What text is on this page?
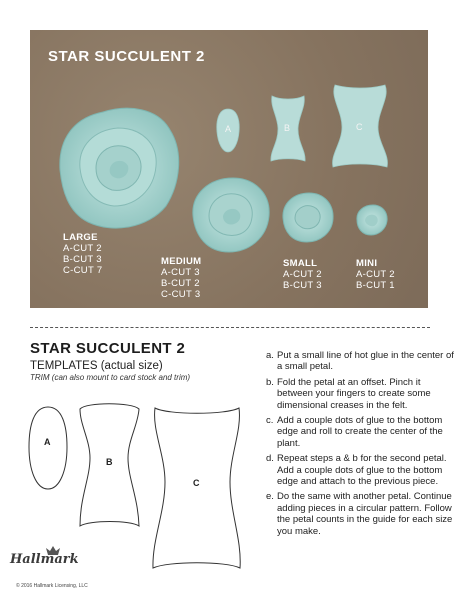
STAR SUCCULENT 2
A	B	C
LARGE
A-CUT 2
B-CUT 3
C-CUT 7
MEDIUM
A-CUT 3
B-CUT 2
C-CUT 3
SMALL
A-CUT 2
B-CUT 3
MINI
A-CUT 2
B-CUT 1
STAR SUCCULENT 2
TEMPLATES (actual size)
TRIM (can also mount to card stock and trim)
A
B
C
a. Put a small line of hot glue in the center of a small petal.
b. Fold the petal at an offset. Pinch it between your fingers to create some dimensional creases in the felt.
c. Add a couple dots of glue to the bottom edge and roll to create the center of the plant.
d. Repeat steps a & b for the second petal. Add a couple dots of glue to the bottom edge and attach to the previous piece.
e. Do the same with another petal. Continue adding pieces in a circular pattern. Follow the petal counts in the guide for each size you make.
Hallmark
© 2016 Hallmark Licensing, LLC
